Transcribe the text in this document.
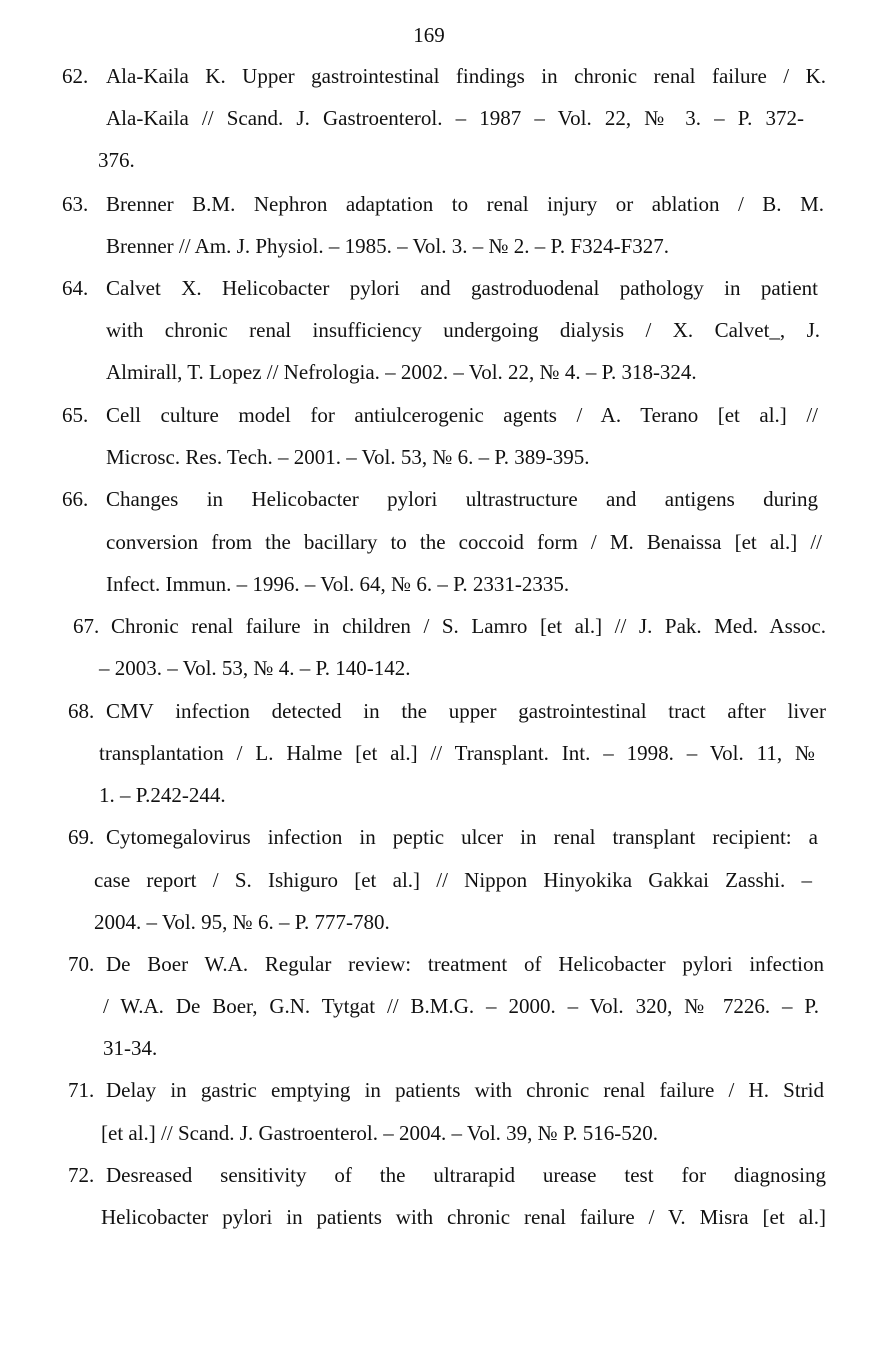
169
62. Ala-Kaila K. Upper gastrointestinal findings in chronic renal failure / K.
Ala-Kaila // Scand. J. Gastroenterol. – 1987 – Vol. 22, № 3. – P. 372-
376.
63. Brenner B.M. Nephron adaptation to renal injury or ablation / B. M.
Brenner // Am. J. Physiol. – 1985. – Vol. 3. – № 2. – P. F324-F327.
64. Calvet X. Helicobacter pylori and gastroduodenal pathology in patient
with chronic renal insufficiency undergoing dialysis / X. Calvet_, J.
Almirall, T. Lopez // Nefrologia. – 2002. – Vol. 22, № 4. – P. 318-324.
65. Cell culture model for antiulcerogenic agents / A. Terano [et al.] //
Microsc. Res. Tech. – 2001. – Vol. 53, № 6. – P. 389-395.
66. Changes in Helicobacter pylori ultrastructure and antigens during
conversion from the bacillary to the coccoid form / M. Benaissa [et al.] //
Infect. Immun. – 1996. – Vol. 64, № 6. – P. 2331-2335.
67. Chronic renal failure in children / S. Lamro [et al.] // J. Pak. Med. Assoc.
– 2003. – Vol. 53, № 4. – P. 140-142.
68. CMV infection detected in the upper gastrointestinal tract after liver
transplantation / L. Halme [et al.] // Transplant. Int. – 1998. – Vol. 11, №
1. – P.242-244.
69. Cytomegalovirus infection in peptic ulcer in renal transplant recipient: a
case report / S. Ishiguro [et al.] // Nippon Hinyokika Gakkai Zasshi. –
2004. – Vol. 95, № 6. – P. 777-780.
70. De Boer W.A. Regular review: treatment of Helicobacter pylori infection
/ W.A. De Boer, G.N. Tytgat // B.M.G. – 2000. – Vol. 320, № 7226. – P.
31-34.
71. Delay in gastric emptying in patients with chronic renal failure / H. Strid
[et al.] // Scand. J. Gastroenterol. – 2004. – Vol. 39, № P. 516-520.
72. Desreased sensitivity of the ultrarapid urease test for diagnosing
Helicobacter pylori in patients with chronic renal failure / V. Misra [et al.]
